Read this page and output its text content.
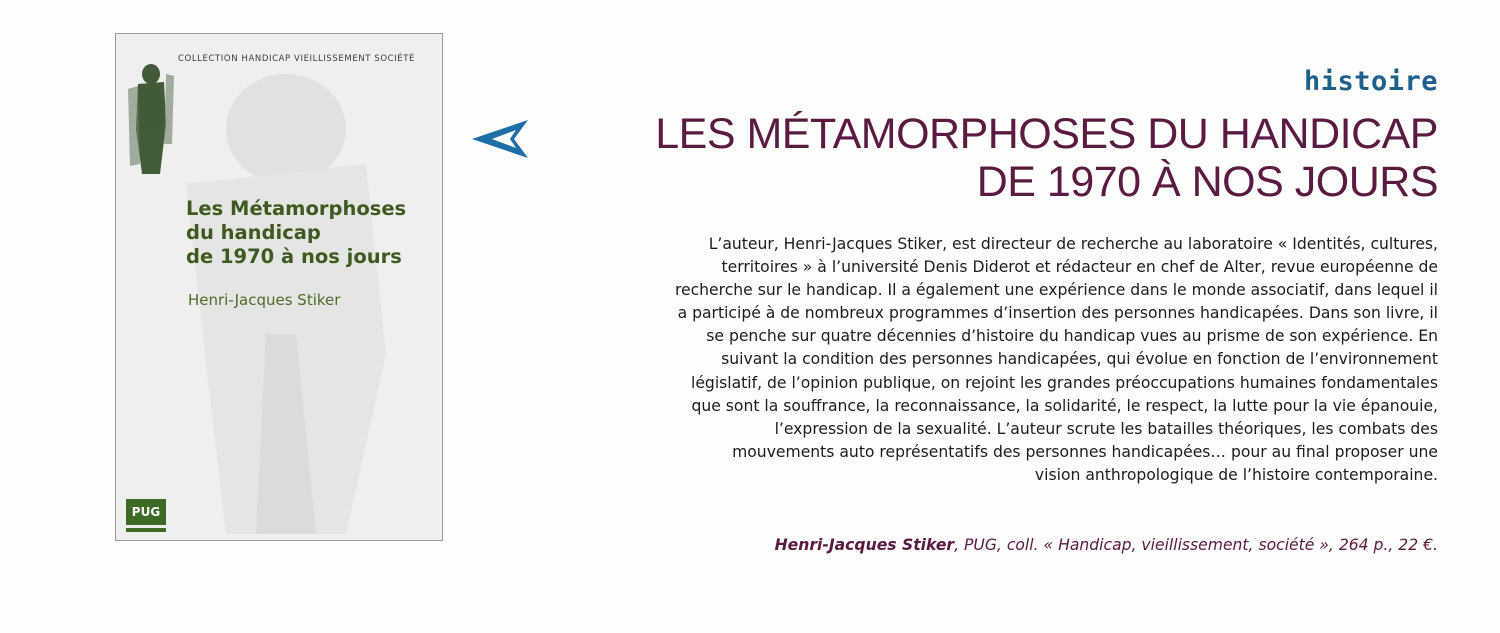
COLLECTION HANDICAP VIEILLISSEMENT SOCIÉTÉ
Les Métamorphoses
du handicap
de 1970 à nos jours
Henri-Jacques Stiker
PUG
histoire
LES MÉTAMORPHOSES DU HANDICAP
DE 1970 À NOS JOURS
L’auteur, Henri-Jacques Stiker, est directeur de recherche au laboratoire « Identités, cultures,
territoires » à l’université Denis Diderot et rédacteur en chef de Alter, revue européenne de
recherche sur le handicap. Il a également une expérience dans le monde associatif, dans lequel il
a participé à de nombreux programmes d’insertion des personnes handicapées. Dans son livre, il
se penche sur quatre décennies d’histoire du handicap vues au prisme de son expérience. En
suivant la condition des personnes handicapées, qui évolue en fonction de l’environnement
législatif, de l’opinion publique, on rejoint les grandes préoccupations humaines fondamentales
que sont la souffrance, la reconnaissance, la solidarité, le respect, la lutte pour la vie épanouie,
l’expression de la sexualité. L’auteur scrute les batailles théoriques, les combats des
mouvements auto représentatifs des personnes handicapées… pour au final proposer une
vision anthropologique de l’histoire contemporaine.
Henri-Jacques Stiker, PUG, coll. « Handicap, vieillissement, société », 264 p., 22 €.
